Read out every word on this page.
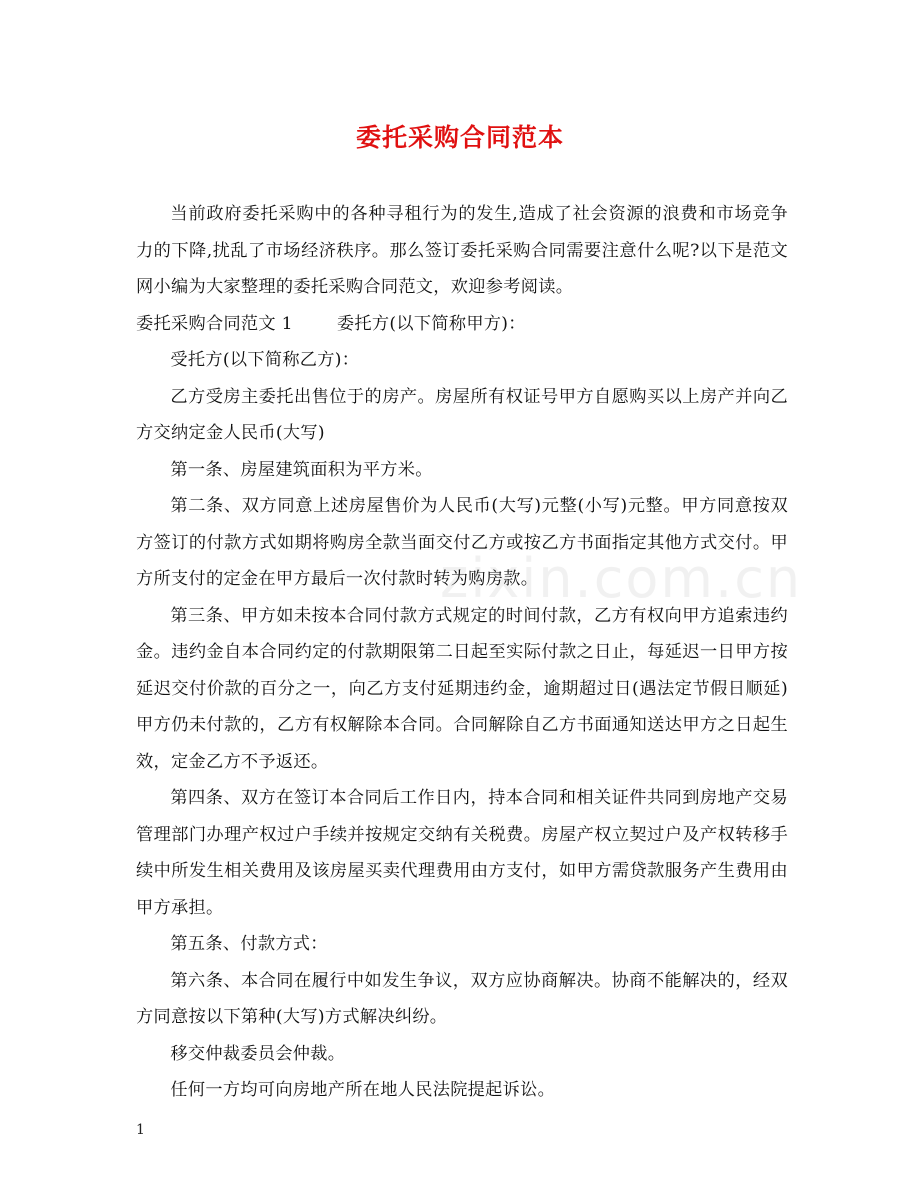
委托采购合同范本

当前政府委托采购中的各种寻租行为的发生,造成了社会资源的浪费和市场竞争力的下降,扰乱了市场经济秩序。那么签订委托采购合同需要注意什么呢?以下是范文网小编为大家整理的委托采购合同范文，欢迎参考阅读。

委托采购合同范文 1	委托方(以下简称甲方)：

受托方(以下简称乙方)：

乙方受房主委托出售位于的房产。房屋所有权证号甲方自愿购买以上房产并向乙方交纳定金人民币(大写)

第一条、房屋建筑面积为平方米。

第二条、双方同意上述房屋售价为人民币(大写)元整(小写)元整。甲方同意按双方签订的付款方式如期将购房全款当面交付乙方或按乙方书面指定其他方式交付。甲方所支付的定金在甲方最后一次付款时转为购房款。

第三条、甲方如未按本合同付款方式规定的时间付款，乙方有权向甲方追索违约金。违约金自本合同约定的付款期限第二日起至实际付款之日止，每延迟一日甲方按延迟交付价款的百分之一，向乙方支付延期违约金，逾期超过日(遇法定节假日顺延)甲方仍未付款的，乙方有权解除本合同。合同解除自乙方书面通知送达甲方之日起生效，定金乙方不予返还。

第四条、双方在签订本合同后工作日内，持本合同和相关证件共同到房地产交易管理部门办理产权过户手续并按规定交纳有关税费。房屋产权立契过户及产权转移手续中所发生相关费用及该房屋买卖代理费用由方支付，如甲方需贷款服务产生费用由甲方承担。

第五条、付款方式：

第六条、本合同在履行中如发生争议，双方应协商解决。协商不能解决的，经双方同意按以下第种(大写)方式解决纠纷。

移交仲裁委员会仲裁。

任何一方均可向房地产所在地人民法院提起诉讼。

zixin.com.cn
1
